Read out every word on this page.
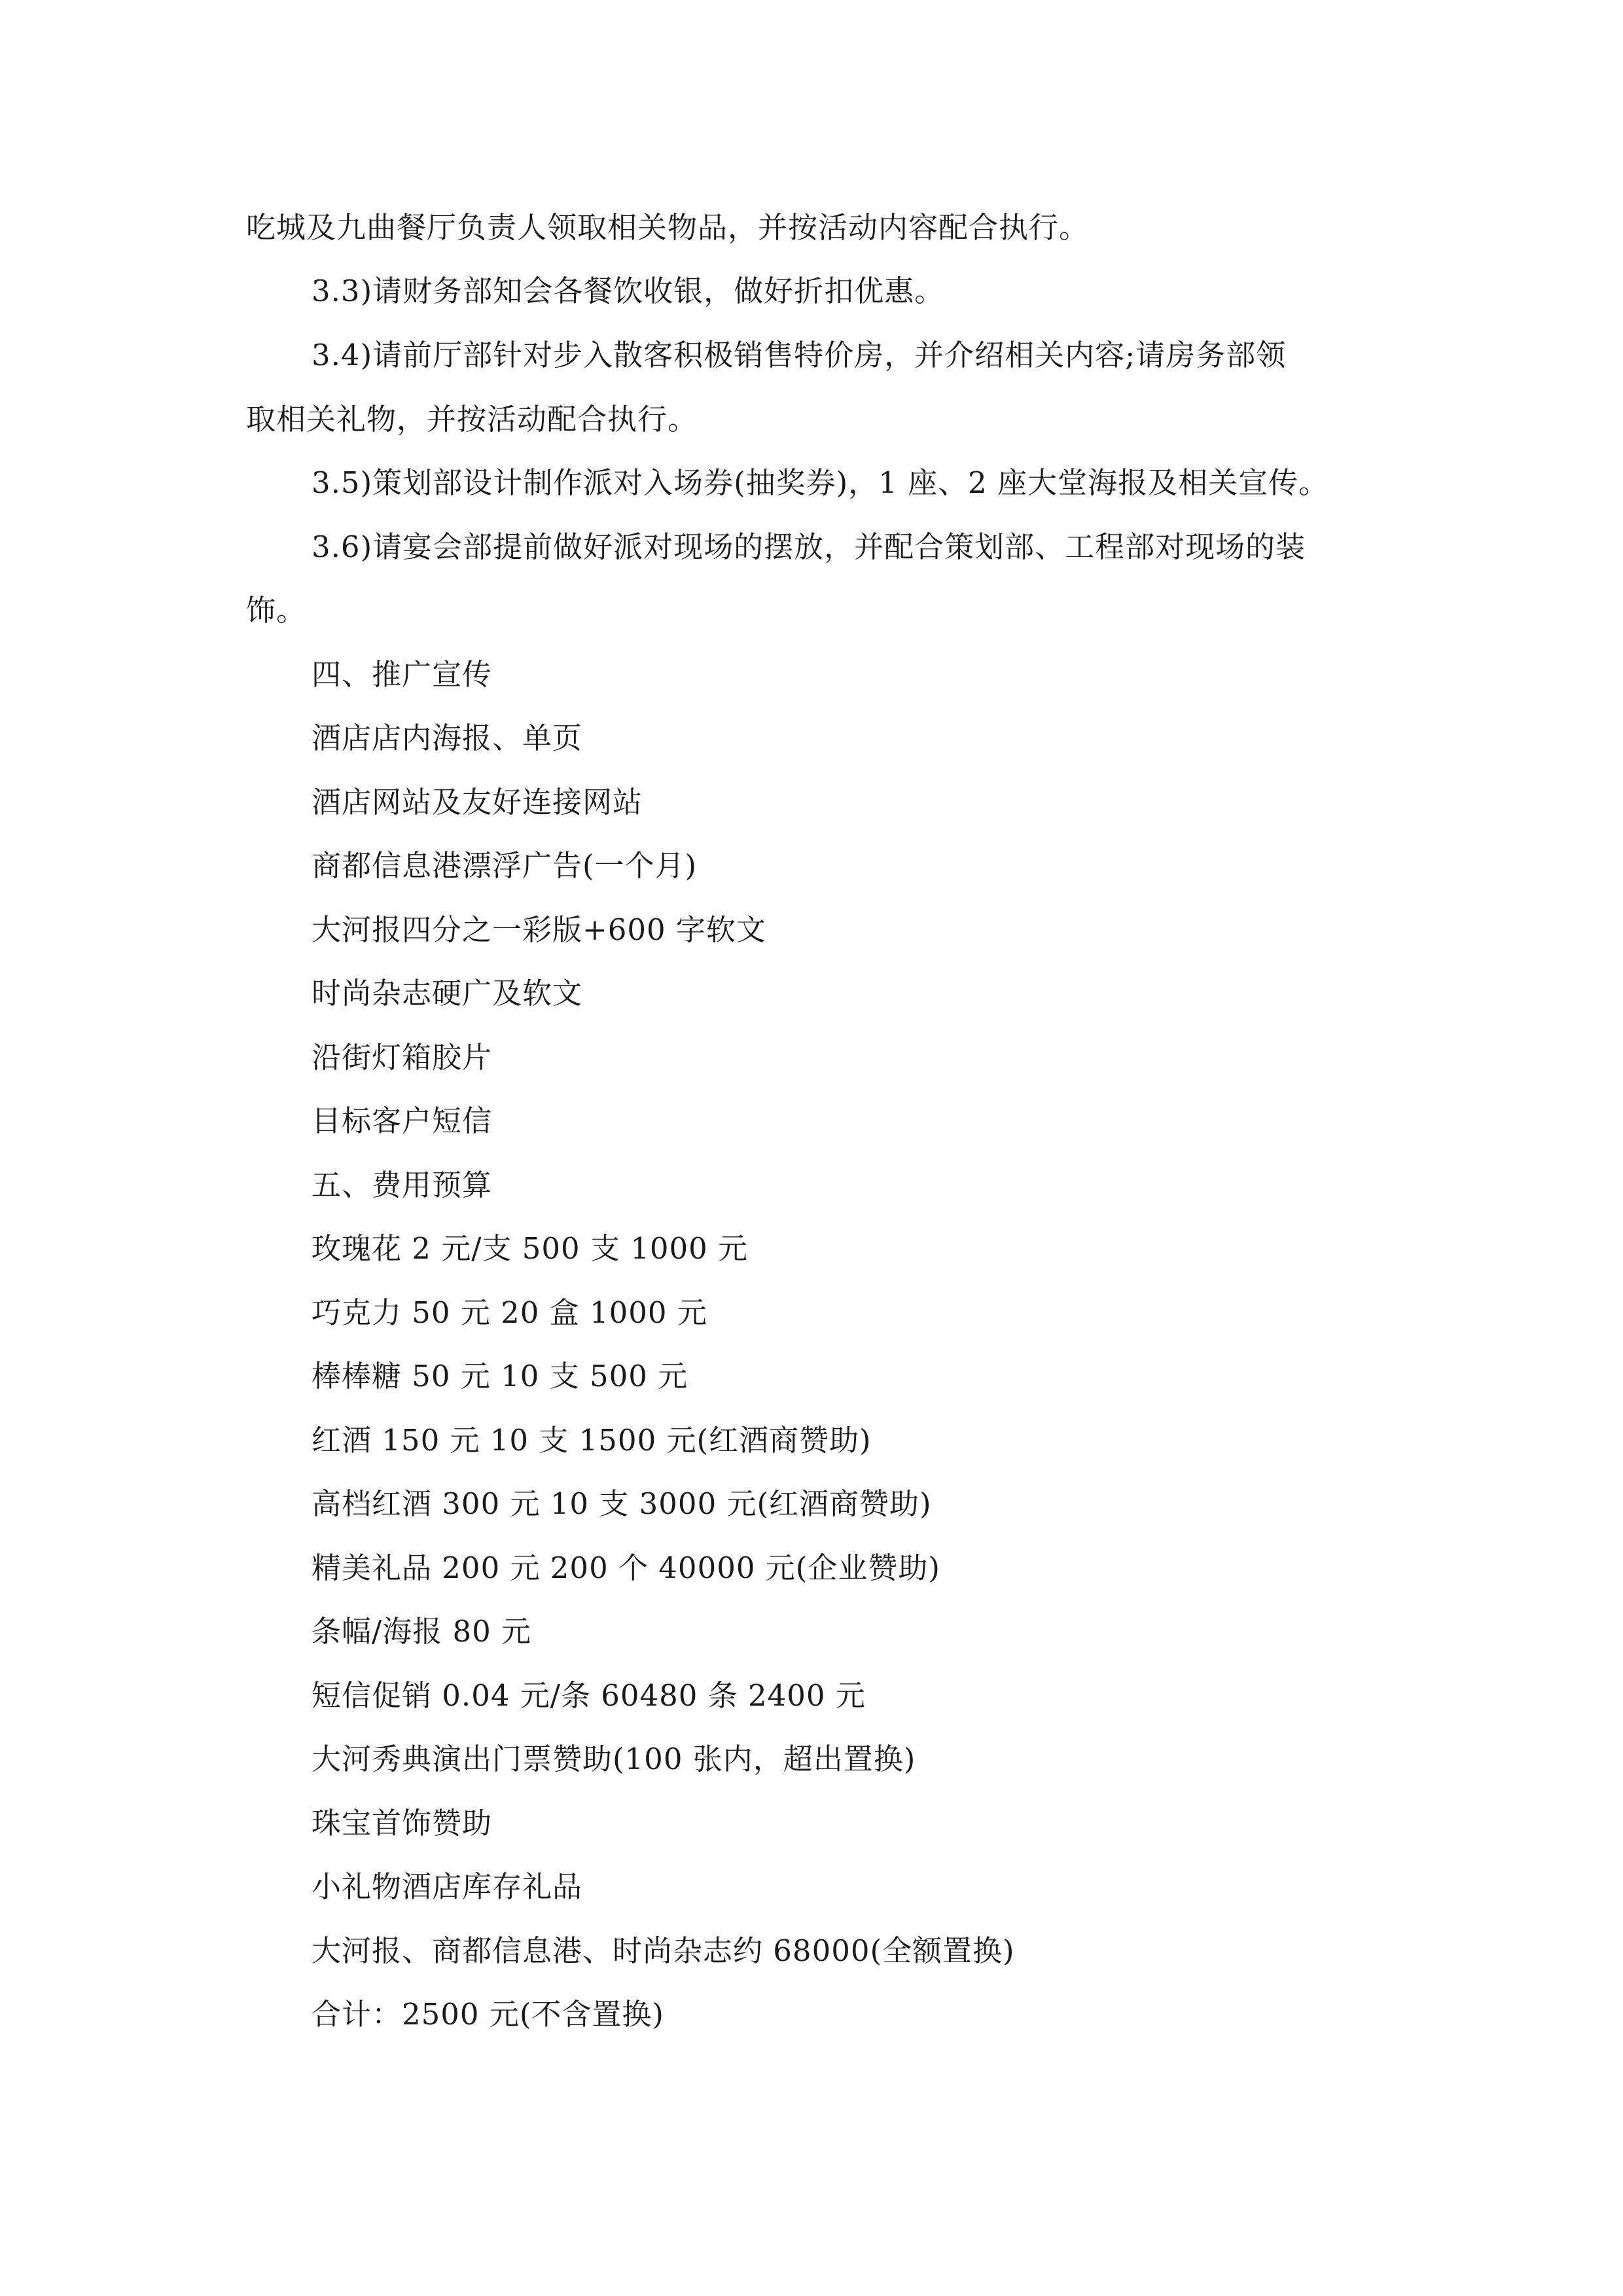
吃城及九曲餐厅负责人领取相关物品，并按活动内容配合执行。
3.3)请财务部知会各餐饮收银，做好折扣优惠。
3.4)请前厅部针对步入散客积极销售特价房，并介绍相关内容;请房务部领
取相关礼物，并按活动配合执行。
3.5)策划部设计制作派对入场券(抽奖券)，1 座、2 座大堂海报及相关宣传。
3.6)请宴会部提前做好派对现场的摆放，并配合策划部、工程部对现场的装
饰。
四、推广宣传
酒店店内海报、单页
酒店网站及友好连接网站
商都信息港漂浮广告(一个月)
大河报四分之一彩版+600 字软文
时尚杂志硬广及软文
沿街灯箱胶片
目标客户短信
五、费用预算
玫瑰花 2 元/支 500 支 1000 元
巧克力 50 元 20 盒 1000 元
棒棒糖 50 元 10 支 500 元
红酒 150 元 10 支 1500 元(红酒商赞助)
高档红酒 300 元 10 支 3000 元(红酒商赞助)
精美礼品 200 元 200 个 40000 元(企业赞助)
条幅/海报 80 元
短信促销 0.04 元/条 60480 条 2400 元
大河秀典演出门票赞助(100 张内，超出置换)
珠宝首饰赞助
小礼物酒店库存礼品
大河报、商都信息港、时尚杂志约 68000(全额置换)
合计：2500 元(不含置换)
